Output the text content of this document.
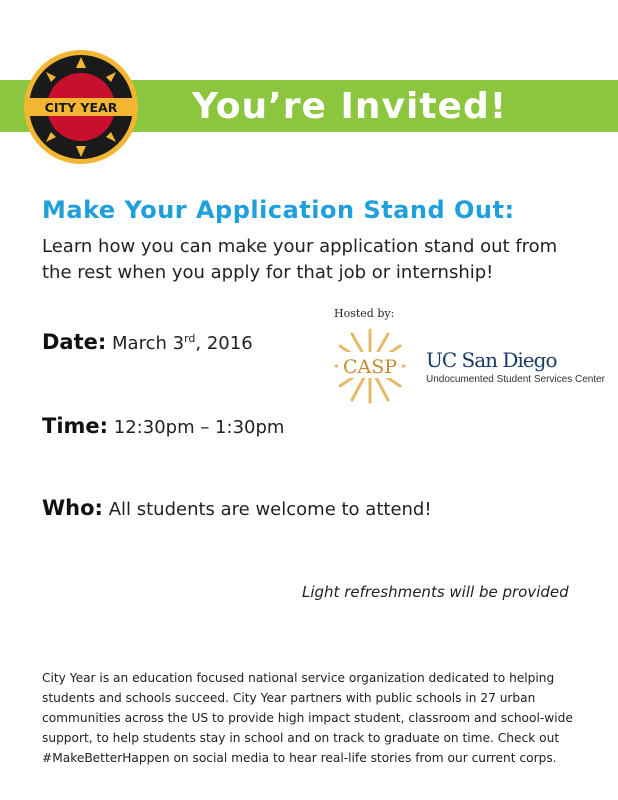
You’re Invited!
CITY YEAR
Make Your Application Stand Out:
Learn how you can make your application stand out from the rest when you apply for that job or internship!
Date: March 3rd, 2016
Time: 12:30pm – 1:30pm
Who: All students are welcome to attend!
Hosted by:
CASP UC San Diego
Undocumented Student Services Center
Light refreshments will be provided
City Year is an education focused national service organization dedicated to helping students and schools succeed. City Year partners with public schools in 27 urban communities across the US to provide high impact student, classroom and school-wide support, to help students stay in school and on track to graduate on time. Check out #MakeBetterHappen on social media to hear real-life stories from our current corps.
